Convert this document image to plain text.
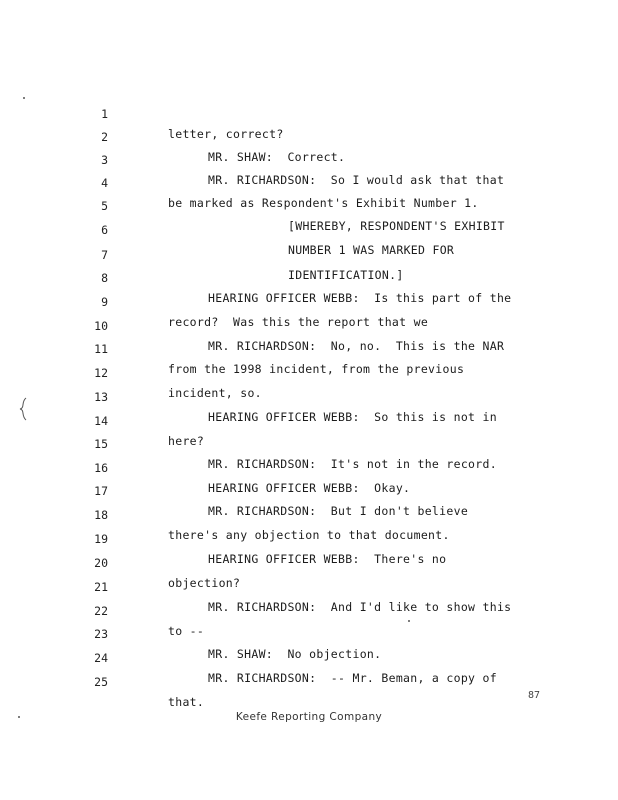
1

letter, correct?

2

MR. SHAW:  Correct.

3

MR. RICHARDSON:  So I would ask that that

4

be marked as Respondent's Exhibit Number 1.

5

[WHEREBY, RESPONDENT'S EXHIBIT

6

NUMBER 1 WAS MARKED FOR

7

IDENTIFICATION.]

8

HEARING OFFICER WEBB:  Is this part of the

9

record?  Was this the report that we

10

MR. RICHARDSON:  No, no.  This is the NAR

11

from the 1998 incident, from the previous

12

incident, so.

13

HEARING OFFICER WEBB:  So this is not in

14

here?

15

MR. RICHARDSON:  It's not in the record.

16

HEARING OFFICER WEBB:  Okay.

17

MR. RICHARDSON:  But I don't believe

18

there's any objection to that document.

19

HEARING OFFICER WEBB:  There's no

20

objection?

21

MR. RICHARDSON:  And I'd like to show this

22

to --

23

MR. SHAW:  No objection.

24

MR. RICHARDSON:  -- Mr. Beman, a copy of

25

that.

	87
Keefe Reporting Company
